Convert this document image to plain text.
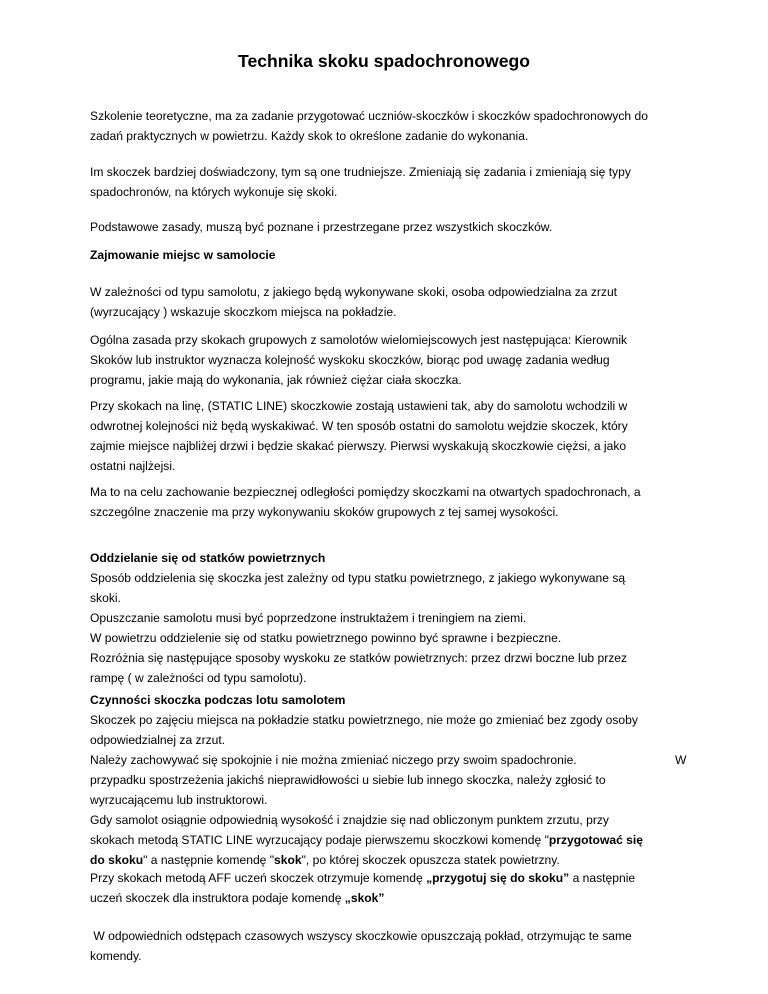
Technika skoku spadochronowego

Szkolenie teoretyczne, ma za zadanie przygotować uczniów-skoczków i skoczków spadochronowych do
zadań praktycznych w powietrzu. Każdy skok to określone zadanie do wykonania.

Im skoczek bardziej doświadczony, tym są one trudniejsze. Zmieniają się zadania i zmieniają się typy
spadochronów, na których wykonuje się skoki.

Podstawowe zasady, muszą być poznane i przestrzegane przez wszystkich skoczków.

Zajmowanie miejsc w samolocie

W zależności od typu samolotu, z jakiego będą wykonywane skoki, osoba odpowiedzialna za zrzut
(wyrzucający ) wskazuje skoczkom miejsca na pokładzie.

Ogólna zasada przy skokach grupowych z samolotów wielomiejscowych jest następująca: Kierownik
Skoków lub instruktor wyznacza kolejność wyskoku skoczków, biorąc pod uwagę zadania według
programu, jakie mają do wykonania, jak również ciężar ciała skoczka.

Przy skokach na linę, (STATIC LINE) skoczkowie zostają ustawieni tak, aby do samolotu wchodzili w
odwrotnej kolejności niż będą wyskakiwać. W ten sposób ostatni do samolotu wejdzie skoczek, który
zajmie miejsce najbliżej drzwi i będzie skakać pierwszy. Pierwsi wyskakują skoczkowie ciężsi, a jako
ostatni najlżejsi.

Ma to na celu zachowanie bezpiecznej odległości pomiędzy skoczkami na otwartych spadochronach, a
szczególne znaczenie ma przy wykonywaniu skoków grupowych z tej samej wysokości.

Oddzielanie się od statków powietrznych
Sposób oddzielenia się skoczka jest zależny od typu statku powietrznego, z jakiego wykonywane są
skoki.
Opuszczanie samolotu musi być poprzedzone instruktażem i treningiem na ziemi.
W powietrzu oddzielenie się od statku powietrznego powinno być sprawne i bezpieczne.
Rozróżnia się następujące sposoby wyskoku ze statków powietrznych: przez drzwi boczne lub przez
rampę ( w zależności od typu samolotu).

Czynności skoczka podczas lotu samolotem
Skoczek po zajęciu miejsca na pokładzie statku powietrznego, nie może go zmieniać bez zgody osoby
odpowiedzialnej za zrzut.
Należy zachowywać się spokojnie i nie można zmieniać niczego przy swoim spadochronie.	W
przypadku spostrzeżenia jakichś nieprawidłowości u siebie lub innego skoczka, należy zgłosić to
wyrzucającemu lub instruktorowi.
Gdy samolot osiągnie odpowiednią wysokość i znajdzie się nad obliczonym punktem zrzutu, przy
skokach metodą STATIC LINE wyrzucający podaje pierwszemu skoczkowi komendę "przygotować się
do skoku" a następnie komendę "skok", po której skoczek opuszcza statek powietrzny.

Przy skokach metodą AFF uczeń skoczek otrzymuje komendę „przygotuj się do skoku” a następnie
uczeń skoczek dla instruktora podaje komendę „skok”

W odpowiednich odstępach czasowych wszyscy skoczkowie opuszczają pokład, otrzymując te same
komendy.
